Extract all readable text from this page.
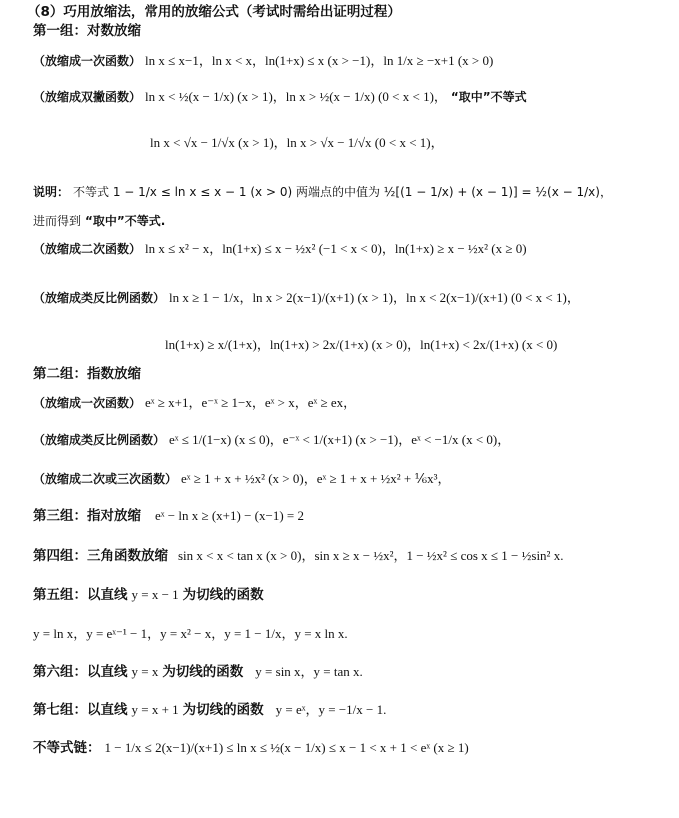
（8）巧用放缩法，常用的放缩公式（考试时需给出证明过程）
第一组：对数放缩
（放缩成一次函数） ln x ≤ x−1，ln x < x，ln(1+x) ≤ x (x > −1)，ln 1/x ≥ −x+1 (x > 0)
（放缩成双撇函数） ln x < ½(x − 1/x) (x > 1)，ln x > ½(x − 1/x) (0 < x < 1)， “取中”不等式
ln x < √x − 1/√x (x > 1)，ln x > √x − 1/√x (0 < x < 1)，
说明： 不等式 1 − 1/x ≤ ln x ≤ x − 1 (x > 0) 两端点的中值为 ½[(1 − 1/x) + (x − 1)] = ½(x − 1/x)，
进而得到 “取中”不等式.
（放缩成二次函数） ln x ≤ x² − x，ln(1+x) ≤ x − ½x² (−1 < x < 0)，ln(1+x) ≥ x − ½x² (x ≥ 0)
（放缩成类反比例函数） ln x ≥ 1 − 1/x，ln x > 2(x−1)/(x+1) (x > 1)，ln x < 2(x−1)/(x+1) (0 < x < 1)，
ln(1+x) ≥ x/(1+x)，ln(1+x) > 2x/(1+x) (x > 0)，ln(1+x) < 2x/(1+x) (x < 0)
第二组：指数放缩
（放缩成一次函数） eˣ ≥ x+1，e⁻ˣ ≥ 1−x，eˣ > x，eˣ ≥ ex，
（放缩成类反比例函数） eˣ ≤ 1/(1−x) (x ≤ 0)，e⁻ˣ < 1/(x+1) (x > −1)，eˣ < −1/x (x < 0)，
（放缩成二次或三次函数） eˣ ≥ 1 + x + ½x² (x > 0)，eˣ ≥ 1 + x + ½x² + ⅙x³，
第三组：指对放缩 eˣ − ln x ≥ (x+1) − (x−1) = 2
第四组：三角函数放缩 sin x < x < tan x (x > 0)，sin x ≥ x − ½x²，1 − ½x² ≤ cos x ≤ 1 − ½sin² x.
第五组：以直线 y = x − 1 为切线的函数
y = ln x，y = eˣ⁻¹ − 1，y = x² − x，y = 1 − 1/x，y = x ln x.
第六组：以直线 y = x 为切线的函数 y = sin x，y = tan x.
第七组：以直线 y = x + 1 为切线的函数 y = eˣ，y = −1/x − 1.
不等式链： 1 − 1/x ≤ 2(x−1)/(x+1) ≤ ln x ≤ ½(x − 1/x) ≤ x − 1 < x + 1 < eˣ (x ≥ 1)
